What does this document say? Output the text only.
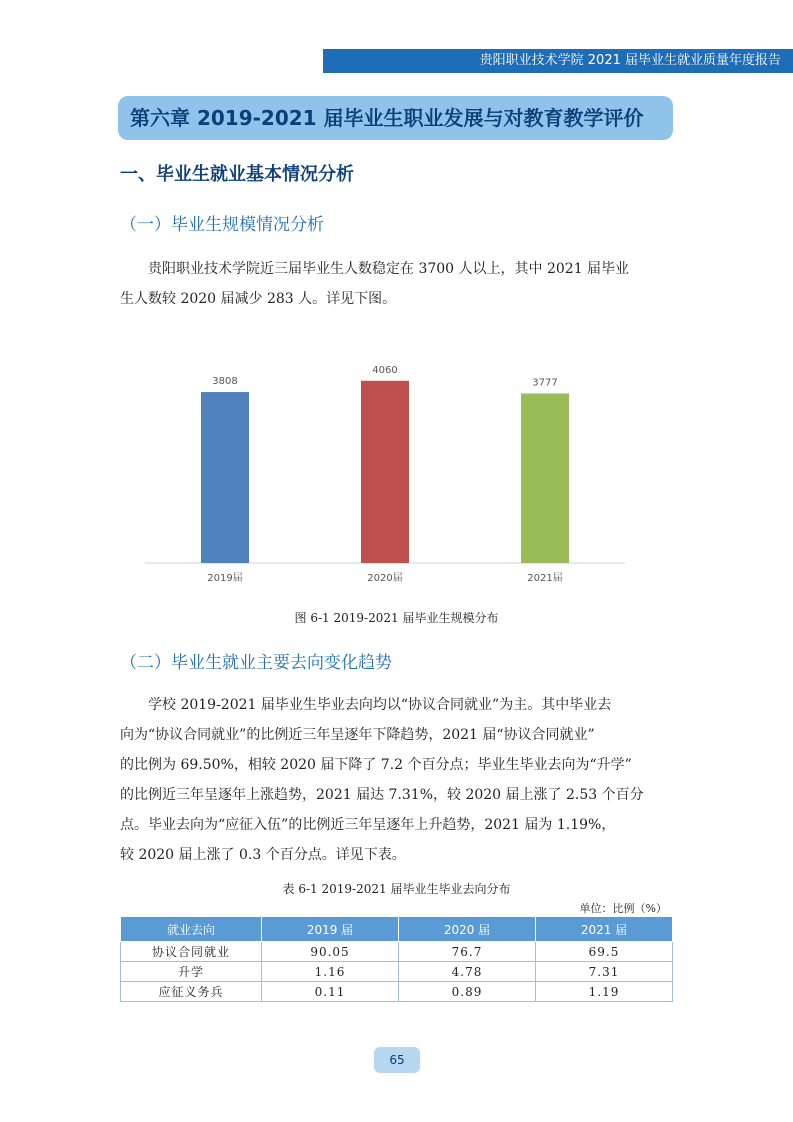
贵阳职业技术学院 2021 届毕业生就业质量年度报告
第六章 2019-2021 届毕业生职业发展与对教育教学评价
一、毕业生就业基本情况分析
（一）毕业生规模情况分析
贵阳职业技术学院近三届毕业生人数稳定在 3700 人以上，其中 2021 届毕业
生人数较 2020 届减少 283 人。详见下图。
3808
2019届
4060
2020届
3777
2021届
图 6-1 2019-2021 届毕业生规模分布
（二）毕业生就业主要去向变化趋势
学校 2019-2021 届毕业生毕业去向均以“协议合同就业”为主。其中毕业去
向为“协议合同就业”的比例近三年呈逐年下降趋势，2021 届“协议合同就业”
的比例为 69.50%，相较 2020 届下降了 7.2 个百分点；毕业生毕业去向为“升学”
的比例近三年呈逐年上涨趋势，2021 届达 7.31%，较 2020 届上涨了 2.53 个百分
点。毕业去向为“应征入伍”的比例近三年呈逐年上升趋势，2021 届为 1.19%，
较 2020 届上涨了 0.3 个百分点。详见下表。
表 6-1 2019-2021 届毕业生毕业去向分布
单位：比例（%）
就业去向	2019 届	2020 届	2021 届
协议合同就业	90.05	76.7	69.5
升学	1.16	4.78	7.31
应征义务兵	0.11	0.89	1.19
65
